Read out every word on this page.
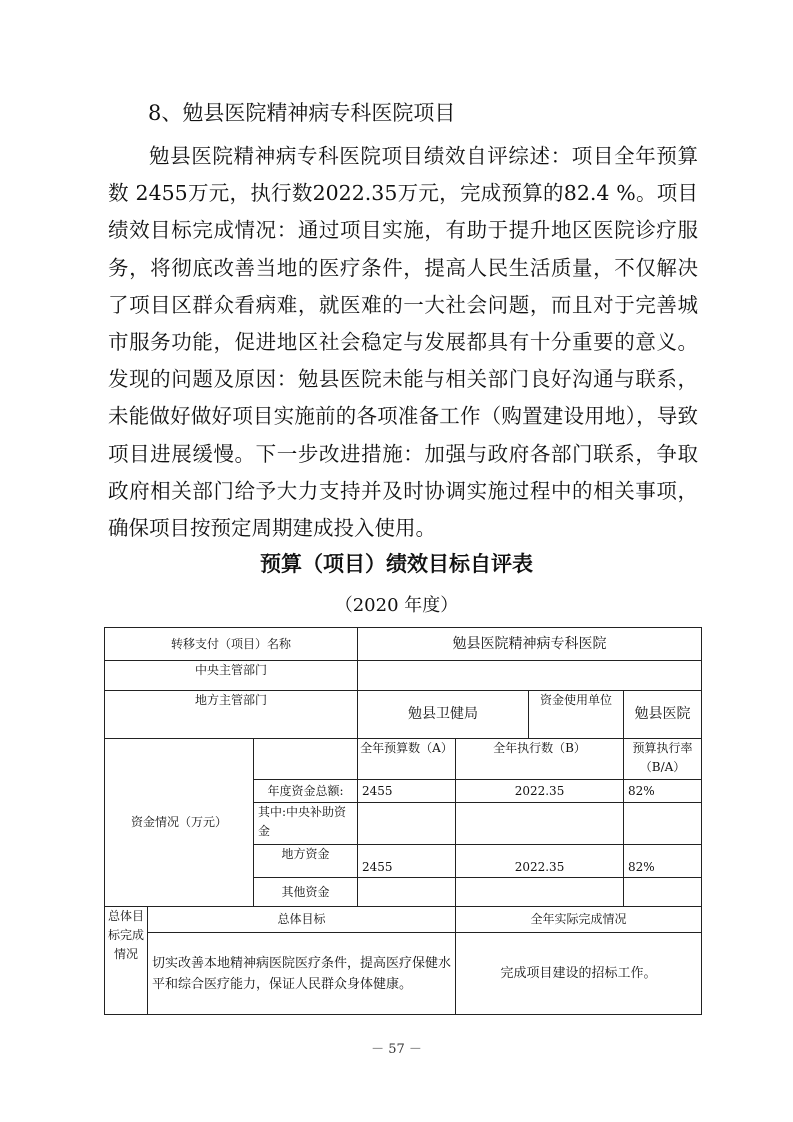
8、勉县医院精神病专科医院项目
勉县医院精神病专科医院项目绩效自评综述：项目全年预算数 2455万元，执行数2022.35万元，完成预算的82.4 %。项目绩效目标完成情况：通过项目实施，有助于提升地区医院诊疗服务，将彻底改善当地的医疗条件，提高人民生活质量，不仅解决了项目区群众看病难，就医难的一大社会问题，而且对于完善城市服务功能，促进地区社会稳定与发展都具有十分重要的意义。发现的问题及原因：勉县医院未能与相关部门良好沟通与联系，未能做好做好项目实施前的各项准备工作（购置建设用地），导致项目进展缓慢。下一步改进措施：加强与政府各部门联系，争取政府相关部门给予大力支持并及时协调实施过程中的相关事项，确保项目按预定周期建成投入使用。
预算（项目）绩效目标自评表
（2020 年度）
转移支付（项目）名称			勉县医院精神病专科医院			
中央主管部门						
地方主管部门			勉县卫健局		资金使用单位	勉县医院
资金情况（万元）			全年预算数（A）	全年执行数（B）		预算执行率（B/A）
		年度资金总额:	2455	2022.35		82%
		其中:中央补助资金				
		地方资金	2455	2022.35		82%
		其他资金				
总体目标完成情况	总体目标			全年实际完成情况		
	切实改善本地精神病医院医疗条件，提高医疗保健水平和综合医疗能力，保证人民群众身体健康。			完成项目建设的招标工作。		
－ 57 －
